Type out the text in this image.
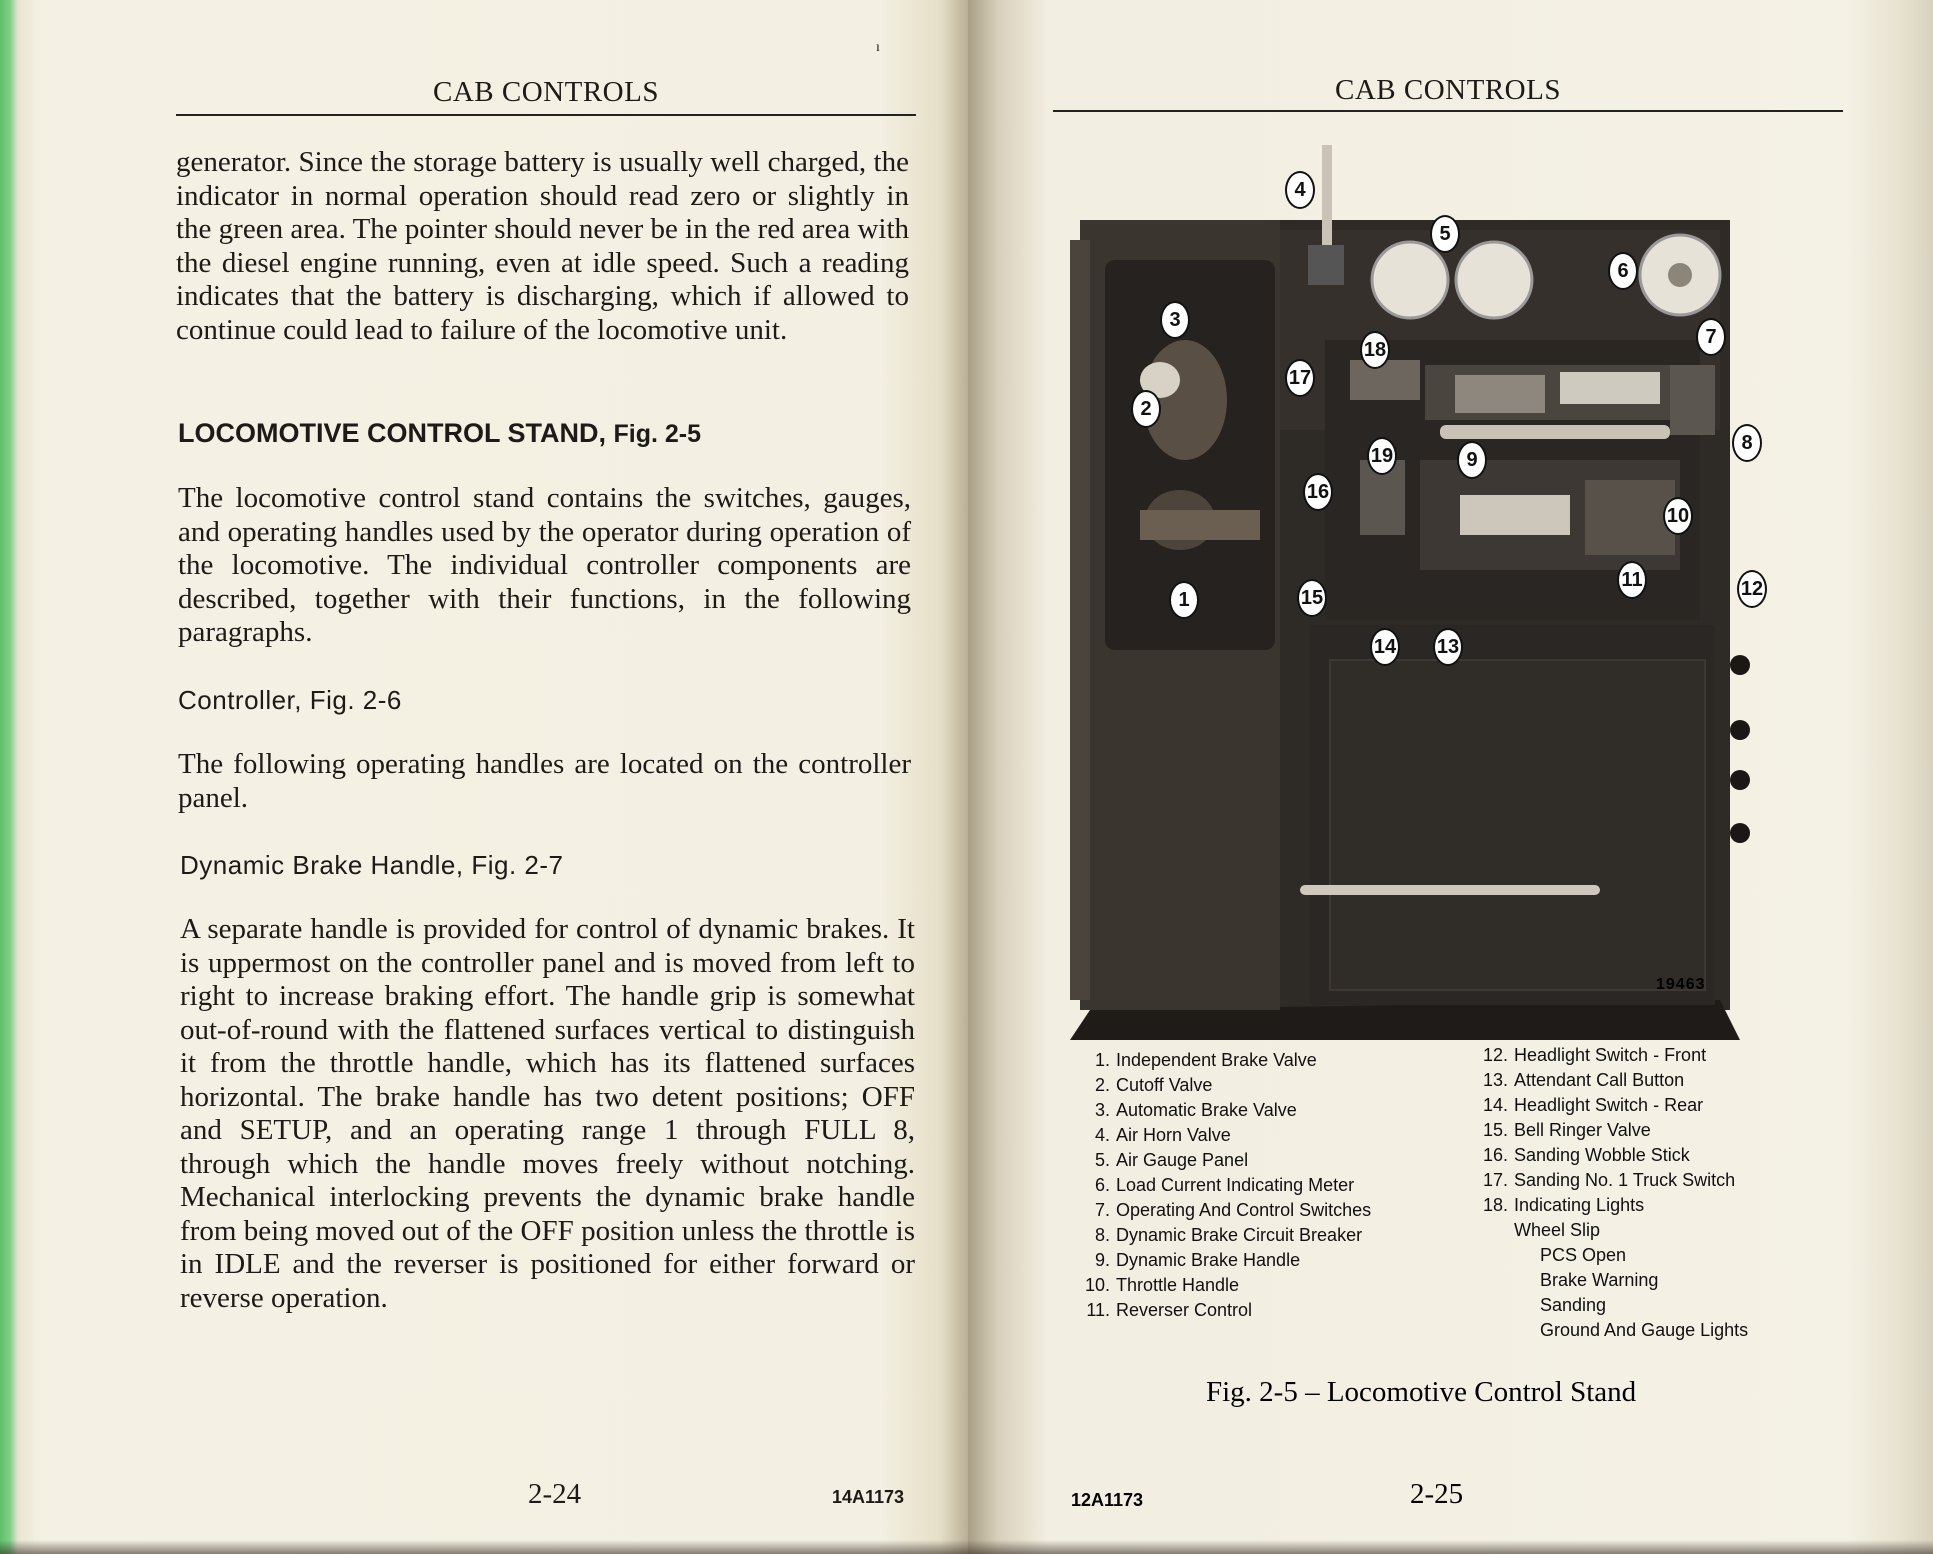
ı
CAB CONTROLS
generator. Since the storage battery is usually well charged, the indicator in normal operation should read zero or slightly in the green area. The pointer should never be in the red area with the diesel engine running, even at idle speed. Such a reading indicates that the battery is discharging, which if allowed to continue could lead to failure of the locomotive unit.
LOCOMOTIVE CONTROL STAND, Fig. 2-5
The locomotive control stand contains the switches, gauges, and operating handles used by the operator during operation of the locomotive. The individual controller components are described, together with their functions, in the following paragraphs.
Controller, Fig. 2-6
The following operating handles are located on the controller panel.
Dynamic Brake Handle, Fig. 2-7
A separate handle is provided for control of dynamic brakes. It is uppermost on the controller panel and is moved from left to right to increase braking effort. The handle grip is somewhat out-of-round with the flattened surfaces vertical to distinguish it from the throttle handle, which has its flattened surfaces horizontal. The brake handle has two detent positions; OFF and SETUP, and an operating range 1 through FULL 8, through which the handle moves freely without notching. Mechanical interlocking prevents the dynamic brake handle from being moved out of the OFF position unless the throttle is in IDLE and the reverser is positioned for either forward or reverse operation.
2-24	14A1173
CAB CONTROLS
1
2
3
4
5
6
7
8
9
10
11	12
13
14
15
16
17
18
19
19463
1. Independent Brake Valve
2. Cutoff Valve
3. Automatic Brake Valve
4. Air Horn Valve
5. Air Gauge Panel
6. Load Current Indicating Meter
7. Operating And Control Switches
8. Dynamic Brake Circuit Breaker
9. Dynamic Brake Handle
10. Throttle Handle
11. Reverser Control
12. Headlight Switch - Front
13. Attendant Call Button
14. Headlight Switch - Rear
15. Bell Ringer Valve
16. Sanding Wobble Stick
17. Sanding No. 1 Truck Switch
18. Indicating Lights
Wheel Slip
PCS Open
Brake Warning
Sanding
Ground And Gauge Lights
Fig. 2-5 – Locomotive Control Stand
12A1173	2-25
